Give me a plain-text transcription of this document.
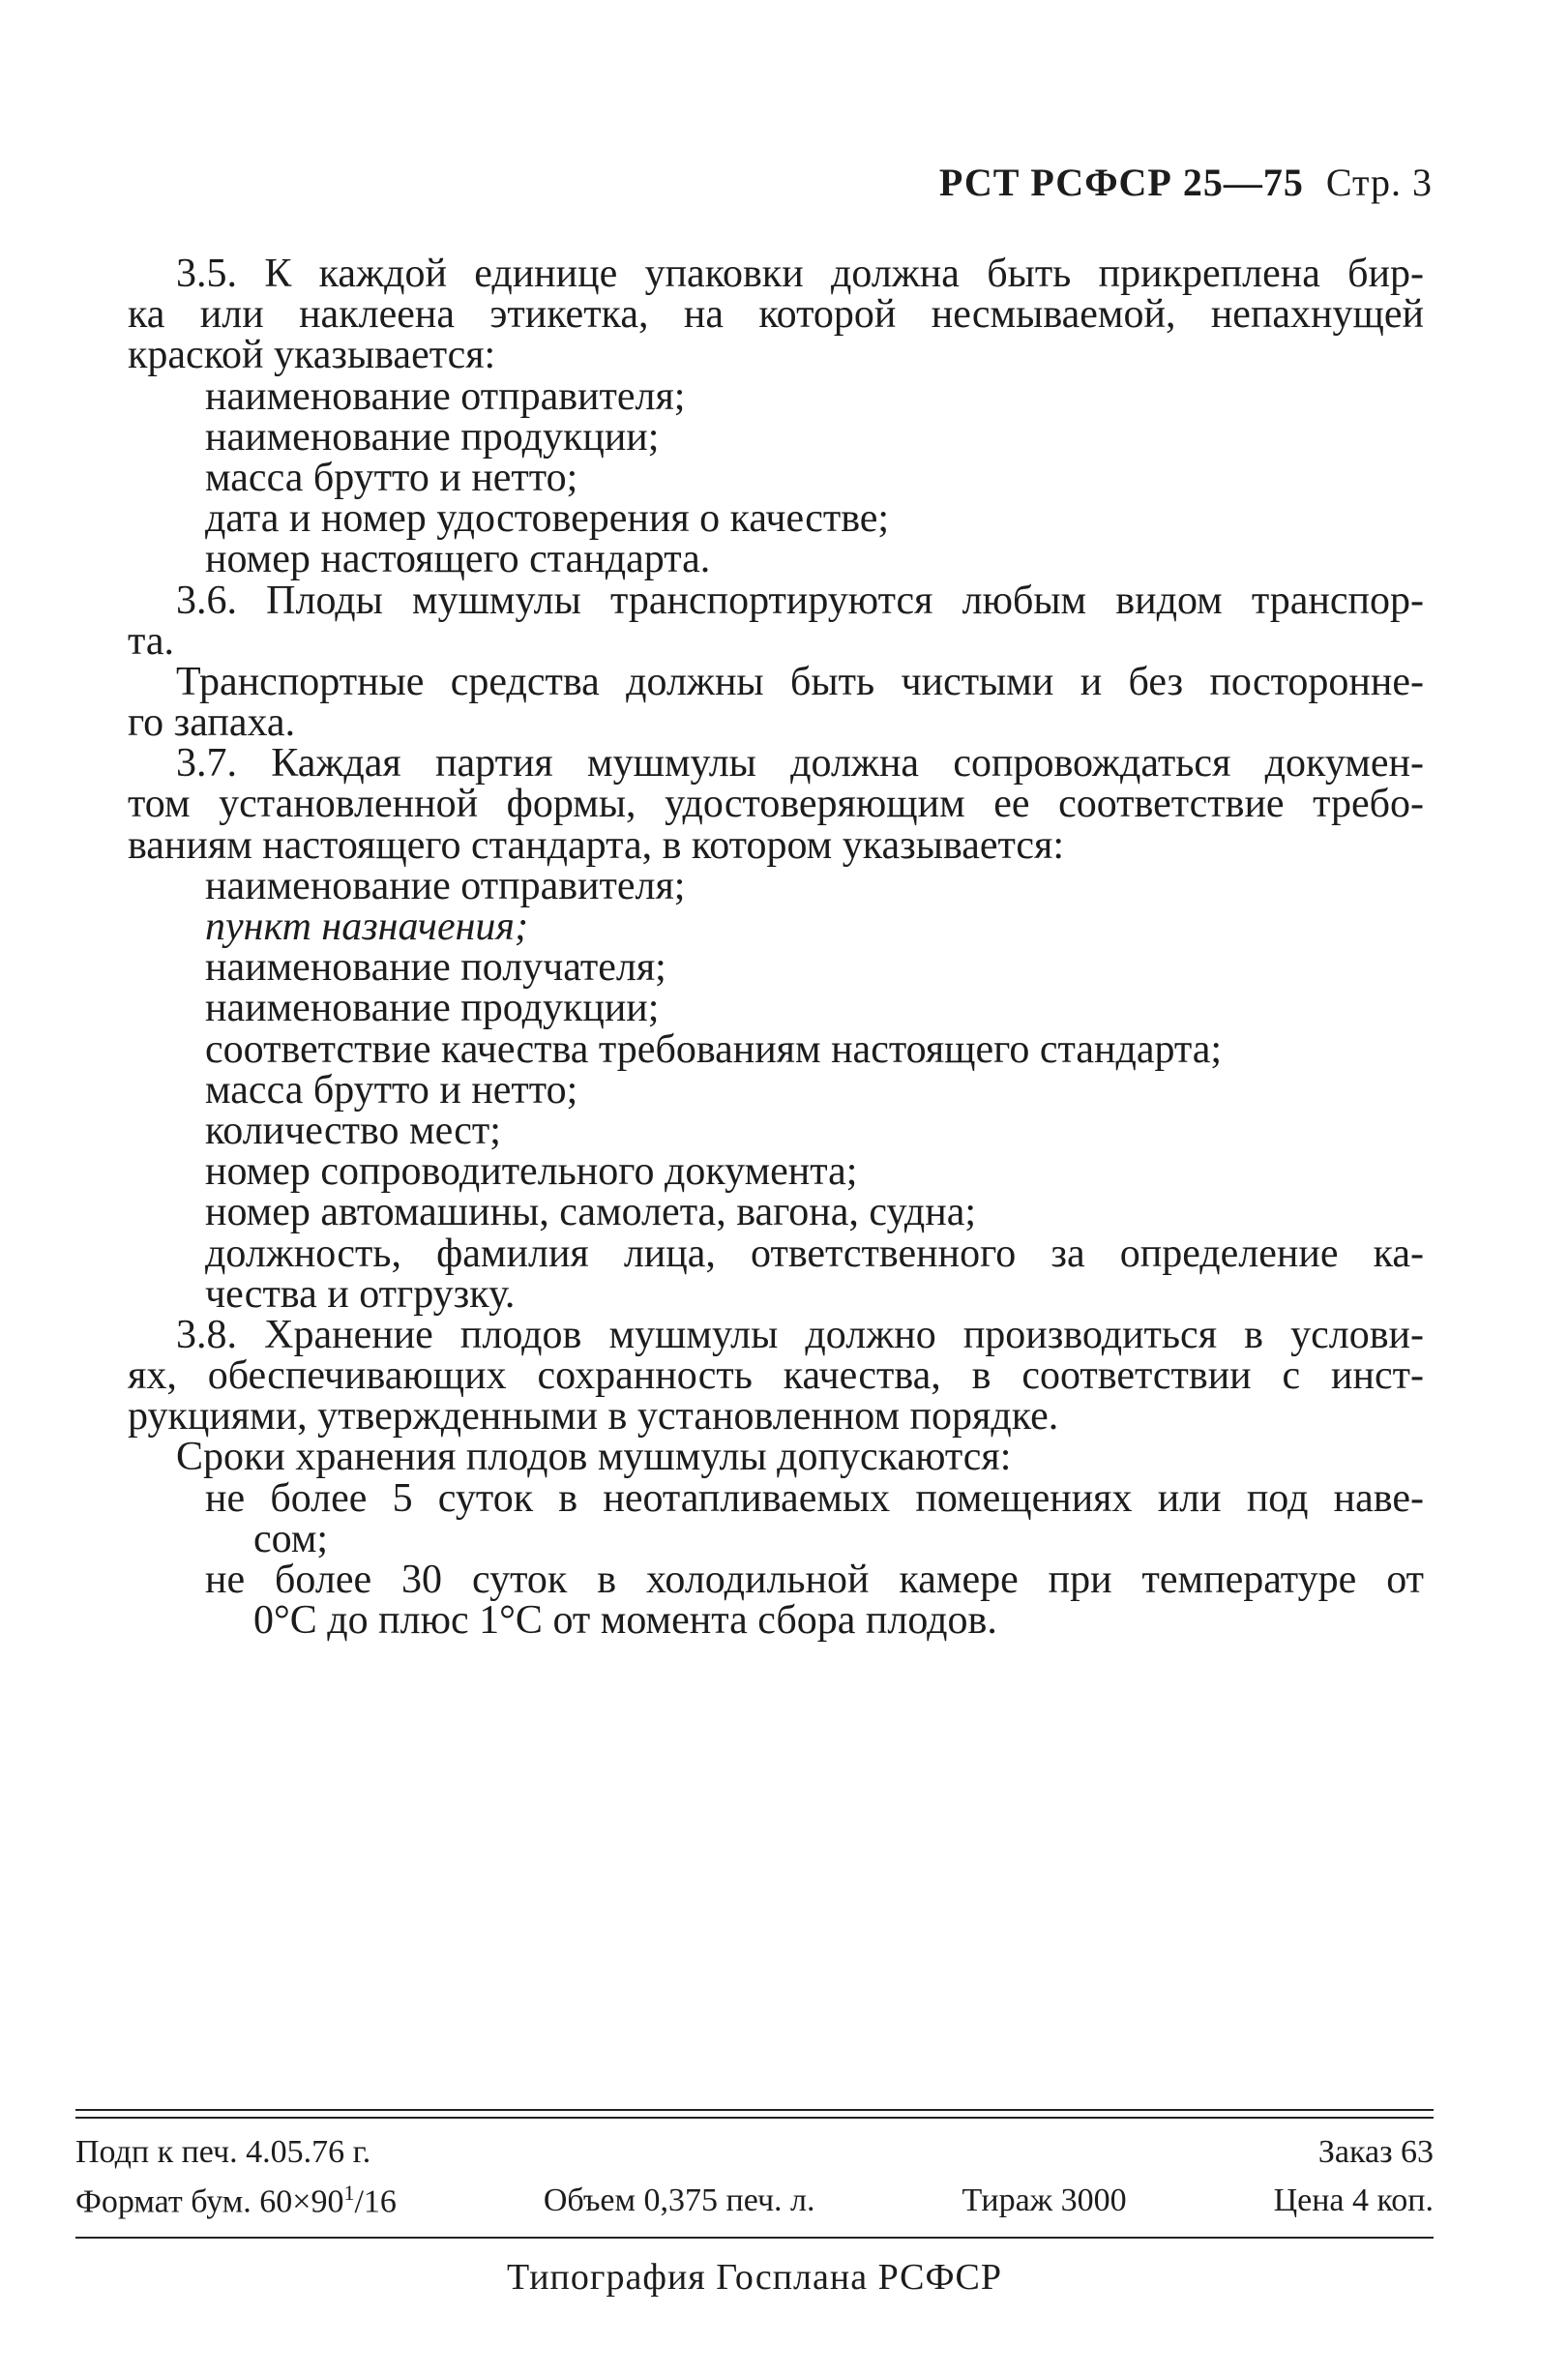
РСТ РСФСР 25—75 Стр. 3
3.5. К каждой единице упаковки должна быть прикреплена бир-
ка или наклеена этикетка, на которой несмываемой, непахнущей
краской указывается:
наименование отправителя;
наименование продукции;
масса брутто и нетто;
дата и номер удостоверения о качестве;
номер настоящего стандарта.
3.6. Плоды мушмулы транспортируются любым видом транспор-
та.
Транспортные средства должны быть чистыми и без посторонне-
го запаха.
3.7. Каждая партия мушмулы должна сопровождаться докумен-
том установленной формы, удостоверяющим ее соответствие требо-
ваниям настоящего стандарта, в котором указывается:
наименование отправителя;
пункт назначения;
наименование получателя;
наименование продукции;
соответствие качества требованиям настоящего стандарта;
масса брутто и нетто;
количество мест;
номер сопроводительного документа;
номер автомашины, самолета, вагона, судна;
должность, фамилия лица, ответственного за определение ка-
чества и отгрузку.
3.8. Хранение плодов мушмулы должно производиться в услови-
ях, обеспечивающих сохранность качества, в соответствии с инст-
рукциями, утвержденными в установленном порядке.
Сроки хранения плодов мушмулы допускаются:
не более 5 суток в неотапливаемых помещениях или под наве-
сом;
не более 30 суток в холодильной камере при температуре от
0°С до плюс 1°С от момента сбора плодов.
Подп к печ. 4.05.76 г.	Заказ 63
Формат бум. $60\times 90^1/16$	Объем 0,375 печ. л.	Тираж 3000	Цена 4 коп.
Типография Госплана РСФСР
